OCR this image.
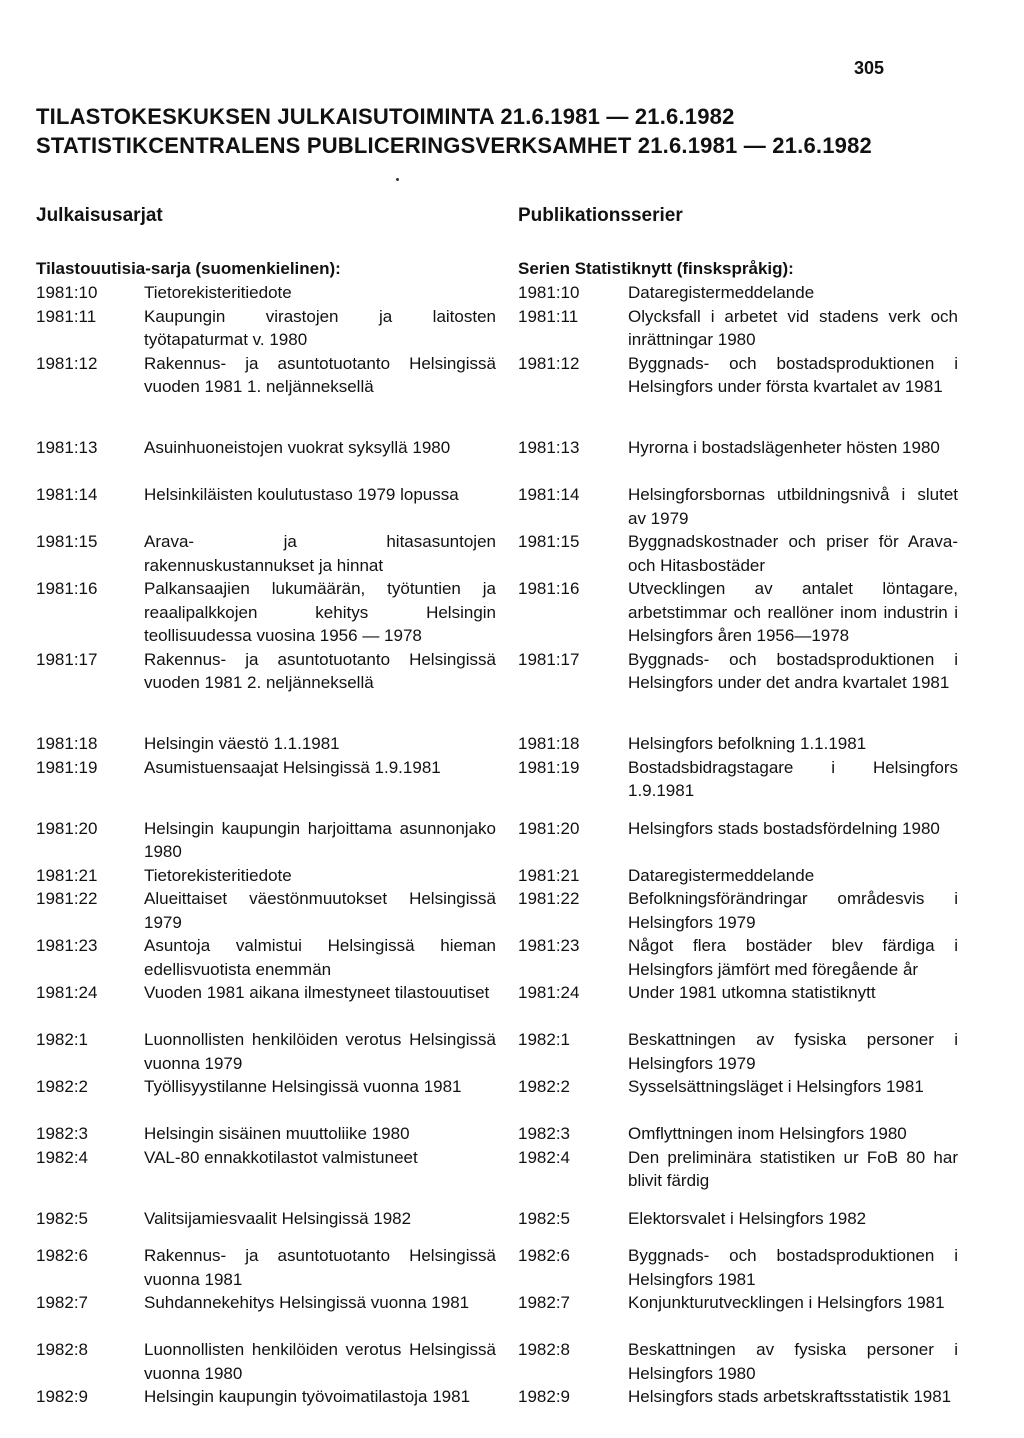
305
TILASTOKESKUKSEN JULKAISUTOIMINTA 21.6.1981 — 21.6.1982
STATISTIKCENTRALENS PUBLICERINGSVERKSAMHET 21.6.1981 — 21.6.1982
Julkaisusarjat	Publikationsserier
Tilastouutisia-sarja (suomenkielinen):
1981:10	Tietorekisteritiedote
1981:11	Kaupungin virastojen ja laitosten työtapaturmat v. 1980
1981:12	Rakennus- ja asuntotuotanto Helsingissä vuoden 1981 1. neljänneksellä
1981:13	Asuinhuoneistojen vuokrat syksyllä 1980
1981:14	Helsinkiläisten koulutustaso 1979 lopussa
1981:15	Arava- ja hitasasuntojen rakennuskustannukset ja hinnat
1981:16	Palkansaajien lukumäärän, työtuntien ja reaalipalkkojen kehitys Helsingin teollisuudessa vuosina 1956 — 1978
1981:17	Rakennus- ja asuntotuotanto Helsingissä vuoden 1981 2. neljänneksellä
1981:18	Helsingin väestö 1.1.1981
1981:19	Asumistuensaajat Helsingissä 1.9.1981
1981:20	Helsingin kaupungin harjoittama asunnonjako 1980
1981:21	Tietorekisteritiedote
1981:22	Alueittaiset väestönmuutokset Helsingissä 1979
1981:23	Asuntoja valmistui Helsingissä hieman edellisvuotista enemmän
1981:24	Vuoden 1981 aikana ilmestyneet tilastouutiset
1982:1	Luonnollisten henkilöiden verotus Helsingissä vuonna 1979
1982:2	Työllisyystilanne Helsingissä vuonna 1981
1982:3	Helsingin sisäinen muuttoliike 1980
1982:4	VAL-80 ennakkotilastot valmistuneet
1982:5	Valitsijamiesvaalit Helsingissä 1982
1982:6	Rakennus- ja asuntotuotanto Helsingissä vuonna 1981
1982:7	Suhdannekehitys Helsingissä vuonna 1981
1982:8	Luonnollisten henkilöiden verotus Helsingissä vuonna 1980
1982:9	Helsingin kaupungin työvoimatilastoja 1981
Serien Statistiknytt (finskspråkig):
1981:10	Dataregistermeddelande
1981:11	Olycksfall i arbetet vid stadens verk och inrättningar 1980
1981:12	Byggnads- och bostadsproduktionen i Helsingfors under första kvartalet av 1981
1981:13	Hyrorna i bostadslägenheter hösten 1980
1981:14	Helsingforsbornas utbildningsnivå i slutet av 1979
1981:15	Byggnadskostnader och priser för Arava- och Hitasbostäder
1981:16	Utvecklingen av antalet löntagare, arbetstimmar och reallöner inom industrin i Helsingfors åren 1956—1978
1981:17	Byggnads- och bostadsproduktionen i Helsingfors under det andra kvartalet 1981
1981:18	Helsingfors befolkning 1.1.1981
1981:19	Bostadsbidragstagare i Helsingfors 1.9.1981
1981:20	Helsingfors stads bostadsfördelning 1980
1981:21	Dataregistermeddelande
1981:22	Befolkningsförändringar områdesvis i Helsingfors 1979
1981:23	Något flera bostäder blev färdiga i Helsingfors jämfört med föregående år
1981:24	Under 1981 utkomna statistiknytt
1982:1	Beskattningen av fysiska personer i Helsingfors 1979
1982:2	Sysselsättningsläget i Helsingfors 1981
1982:3	Omflyttningen inom Helsingfors 1980
1982:4	Den preliminära statistiken ur FoB 80 har blivit färdig
1982:5	Elektorsvalet i Helsingfors 1982
1982:6	Byggnads- och bostadsproduktionen i Helsingfors 1981
1982:7	Konjunkturutvecklingen i Helsingfors 1981
1982:8	Beskattningen av fysiska personer i Helsingfors 1980
1982:9	Helsingfors stads arbetskraftsstatistik 1981
